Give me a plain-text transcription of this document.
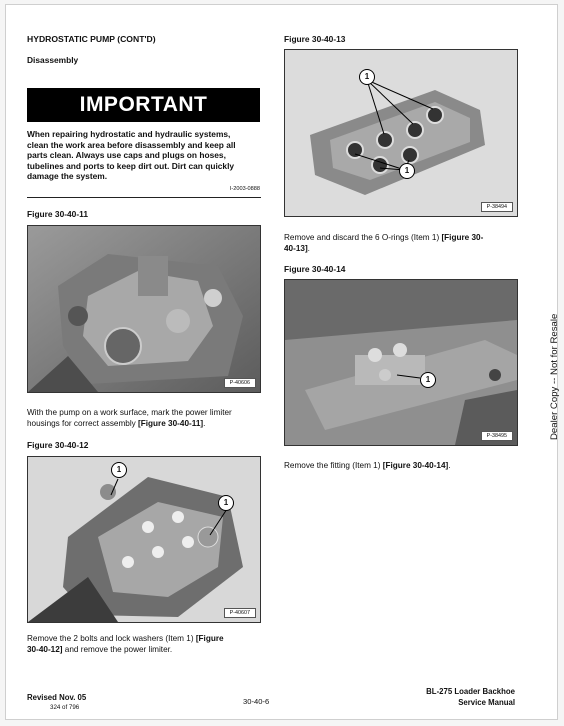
HYDROSTATIC PUMP (CONT'D)
Disassembly
IMPORTANT
When repairing hydrostatic and hydraulic systems,
clean the work area before disassembly and keep all
parts clean. Always use caps and plugs on hoses,
tubelines and ports to keep dirt out. Dirt can quickly
damage the system.
I-2003-0888
Figure 30-40-11
P-40606
With the pump on a work surface, mark the power limiter
housings for correct assembly [Figure 30-40-11].
Figure 30-40-12
1
1
P-40607
Remove the 2 bolts and lock washers (Item 1) [Figure
30-40-12] and remove the power limiter.
Figure 30-40-13
1
1
P-38494
Remove and discard the 6 O-rings (Item 1) [Figure 30-
40-13].
Figure 30-40-14
1
P-38495
Remove the fitting (Item 1) [Figure 30-40-14].
Dealer Copy -- Not for Resale
Revised Nov. 05
324 of 796
30-40-6
BL-275 Loader Backhoe
Service Manual
